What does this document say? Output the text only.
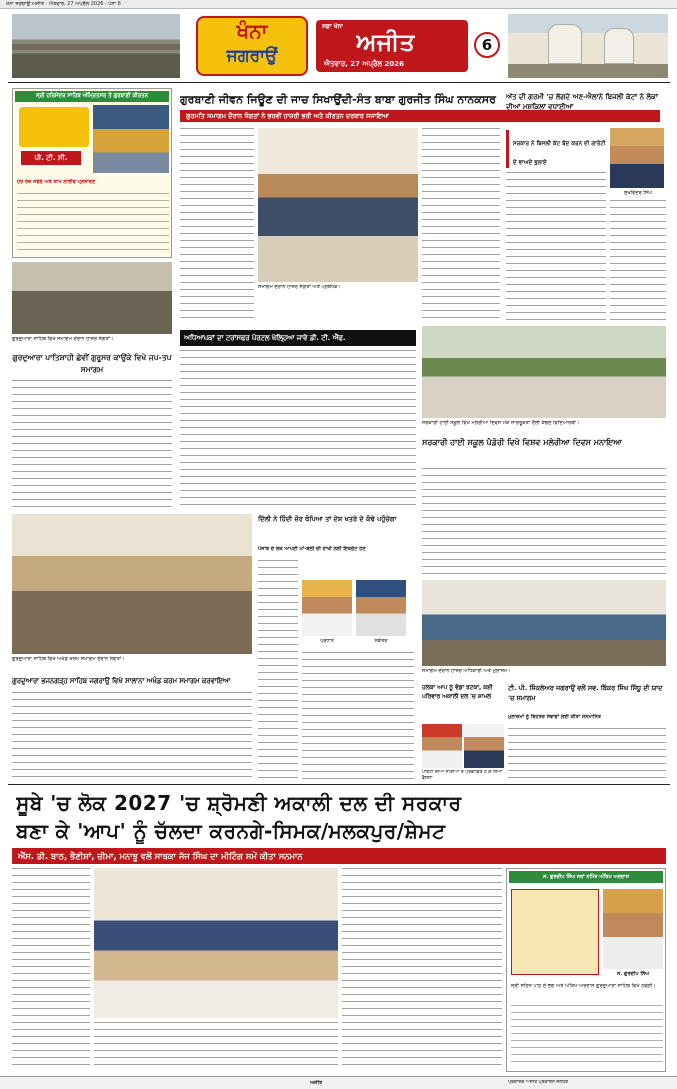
ਖੰਨਾ ਜਗਰਾਉਂ ਅਜੀਤ · ਐਤਵਾਰ, 27 ਅਪ੍ਰੈਲ 2026 · ਪੰਨਾ 6
ਖੰਨਾ
ਜਗਰਾਉਂ
ਸਫ਼ਾ ਖੰਨਾ
ਅਜੀਤ
ਐਤਵਾਰ, 27 ਅਪ੍ਰੈਲ 2026
6
ਸ੍ਰੀ ਹਰਿਮੰਦਰ ਸਾਹਿਬ ਅੰਮ੍ਰਿਤਸਰ ਤੋਂ ਗੁਰਬਾਣੀ ਕੀਰਤਨ
ਪੀ. ਟੀ. ਸੀ.
ਹਰ ਰੋਜ਼ ਸਵੇਰੇ ਅਤੇ ਸ਼ਾਮ ਲਾਈਵ ਪ੍ਰਸਾਰਣ
ਗੁਰਬਾਣੀ ਜੀਵਨ ਜਿਊਣ ਦੀ ਜਾਚ ਸਿਖਾਉਂਦੀ-ਸੰਤ ਬਾਬਾ ਗੁਰਜੀਤ ਸਿੰਘ ਨਾਨਕਸਰ
ਗੁਰਮਤਿ ਸਮਾਗਮ ਦੌਰਾਨ ਸੰਗਤਾਂ ਨੇ ਭਰਵੀਂ ਹਾਜ਼ਰੀ ਭਰੀ ਅਤੇ ਕੀਰਤਨ ਦਰਬਾਰ ਸਜਾਇਆ
ਸਮਾਗਮ ਦੌਰਾਨ ਹਾਜ਼ਰ ਸੰਗਤਾਂ ਅਤੇ ਪ੍ਰਬੰਧਕ।
ਅੱਤ ਦੀ ਗਰਮੀ 'ਚ ਲੱਗਦੇ ਅਣ-ਐਲਾਨੇ ਬਿਜਲੀ ਕੱਟਾਂ ਨੇ ਲੋਕਾਂ ਦੀਆਂ ਮੁਸ਼ਕਿਲਾਂ ਵਧਾਈਆਂ
ਸਰਕਾਰ ਨੇ ਬਿਜਲੀ ਕੱਟ ਬੰਦ ਕਰਨ ਦੀ ਗਾਰੰਟੀ ਦੇ ਵਾਅਦੇ ਭੁਲਾਏ
ਸੁਖਵਿੰਦਰ ਸਿੰਘ
ਗੁਰਦੁਆਰਾ ਸਾਹਿਬ ਵਿਖੇ ਸਮਾਗਮ ਦੌਰਾਨ ਹਾਜ਼ਰ ਸੰਗਤਾਂ।
ਗੁਰਦੁਆਰਾ ਪਾਤਿਸ਼ਾਹੀ ਛੇਵੀਂ ਗੁਰੂਸਰ ਕਾਉਂਕੇ ਵਿਖੇ ਜਪ-ਤਪ ਸਮਾਗਮ
ਅਧਿਆਪਕਾਂ ਦਾ ਟਰਾਂਸਫਰ ਪੋਰਟਲ ਖੋਲ੍ਹਿਆ ਜਾਵੇ ਡੀ. ਟੀ. ਐੱਫ.
ਸਰਕਾਰੀ ਹਾਈ ਸਕੂਲ ਵਿਖੇ ਮਲੇਰੀਆ ਦਿਵਸ ਮੌਕੇ ਜਾਗਰੂਕਤਾ ਰੈਲੀ ਕੱਢਦੇ ਵਿਦਿਆਰਥੀ।
ਸਰਕਾਰੀ ਹਾਈ ਸਕੂਲ ਪੰਡੋਰੀ ਵਿਖੇ ਵਿਸ਼ਵ ਮਲੇਰੀਆ ਦਿਵਸ ਮਨਾਇਆ
ਗੁਰਦੁਆਰਾ ਸਾਹਿਬ ਵਿਖੇ ਅਖੰਡ ਕਰਮ ਸਮਾਗਮ ਦੌਰਾਨ ਸੰਗਤਾਂ।
ਗੁਰਦੁਆਰਾ ਭਜਨਗੜ੍ਹ ਸਾਹਿਬ ਜਗਰਾਉਂ ਵਿਖੇ ਸਾਲਾਨਾ ਅਖੰਡ ਕਰਮ ਸਮਾਗਮ ਕਰਵਾਇਆ
ਦਿੱਲੀ ਨੇ ਹਿੰਦੀ ਜ਼ੋਰ ਥੋਪਿਆ ਤਾਂ ਦੇਸ਼ ਖਤਰੇ ਦੇ ਕੰਢੇ ਪਹੁੰਚੇਗਾ
ਪੰਜਾਬ ਦੇ ਲੋਕ ਆਪਣੀ ਮਾਂ-ਬੋਲੀ ਦੀ ਰਾਖੀ ਲਈ ਇਕਜੁੱਟ ਹੋਣ
ਪ੍ਰਧਾਨ	ਸਕੱਤਰ
ਸਮਾਗਮ ਦੌਰਾਨ ਹਾਜ਼ਰ ਅਧਿਕਾਰੀ ਅਤੇ ਮੁਲਾਜ਼ਮ।
ਟੀ. ਪੀ. ਸਿੰਕਲੇਅਰ ਜਗਰਾਉਂ ਵਲੋਂ ਸਵ. ਬਿੱਕਰ ਸਿੰਘ ਸਿੱਧੂ ਦੀ ਯਾਦ 'ਚ ਸਮਾਗਮ
ਮੁਲਾਜ਼ਮਾਂ ਨੂੰ ਬਿਹਤਰ ਸੇਵਾਵਾਂ ਲਈ ਕੀਤਾ ਸਨਮਾਨਿਤ
ਹਲਕਾ ਆਪ ਨੂੰ ਵੱਡਾ ਝਟਕਾ, ਕਈ ਪਰਿਵਾਰ ਅਕਾਲੀ ਦਲ 'ਚ ਸ਼ਾਮਲ
ਪਾਰਟੀ ਦੀਆਂ ਨੀਤੀਆਂ ਤੋਂ ਪ੍ਰਭਾਵਿਤ ਹੋ ਕੇ ਲਿਆ ਫੈਸਲਾ
ਸੂਬੇ 'ਚ ਲੋਕ 2027 'ਚ ਸ਼੍ਰੋਮਣੀ ਅਕਾਲੀ ਦਲ ਦੀ ਸਰਕਾਰ
ਬਣਾ ਕੇ 'ਆਪ' ਨੂੰ ਚੱਲਦਾ ਕਰਨਗੇ-ਸਿਮਕ/ਮਲਕਪੁਰ/ਸ਼ੇਮਟ
ਐੱਸ. ਡੀ. ਬਾਠ, ਭੈਣੀਸ਼ਾਂ, ਚੀਮਾ, ਮਨਾਝੂ ਵਲੋਂ ਸਾਬਕਾ ਜੱਜ ਸਿੰਘ ਦਾ ਮੀਟਿੰਗ ਸਮੇਂ ਕੀਤਾ ਸਨਮਾਨ
ਸ. ਗੁਰਦੀਪ ਸਿੰਘ ਸਰਾਂ ਨਮਿੱਤ ਅੰਤਿਮ ਅਰਦਾਸ
ਸ. ਗੁਰਦੀਪ ਸਿੰਘ
ਸ੍ਰੀ ਸਹਿਜ ਪਾਠ ਦੇ ਭੋਗ ਅਤੇ ਅੰਤਿਮ ਅਰਦਾਸ ਗੁਰਦੁਆਰਾ ਸਾਹਿਬ ਵਿਖੇ ਹੋਵੇਗੀ।
ਅਜੀਤ	ਪ੍ਰਕਾਸ਼ਕ ਅਜੀਤ ਪ੍ਰਕਾਸ਼ਨ ਜਲੰਧਰ
